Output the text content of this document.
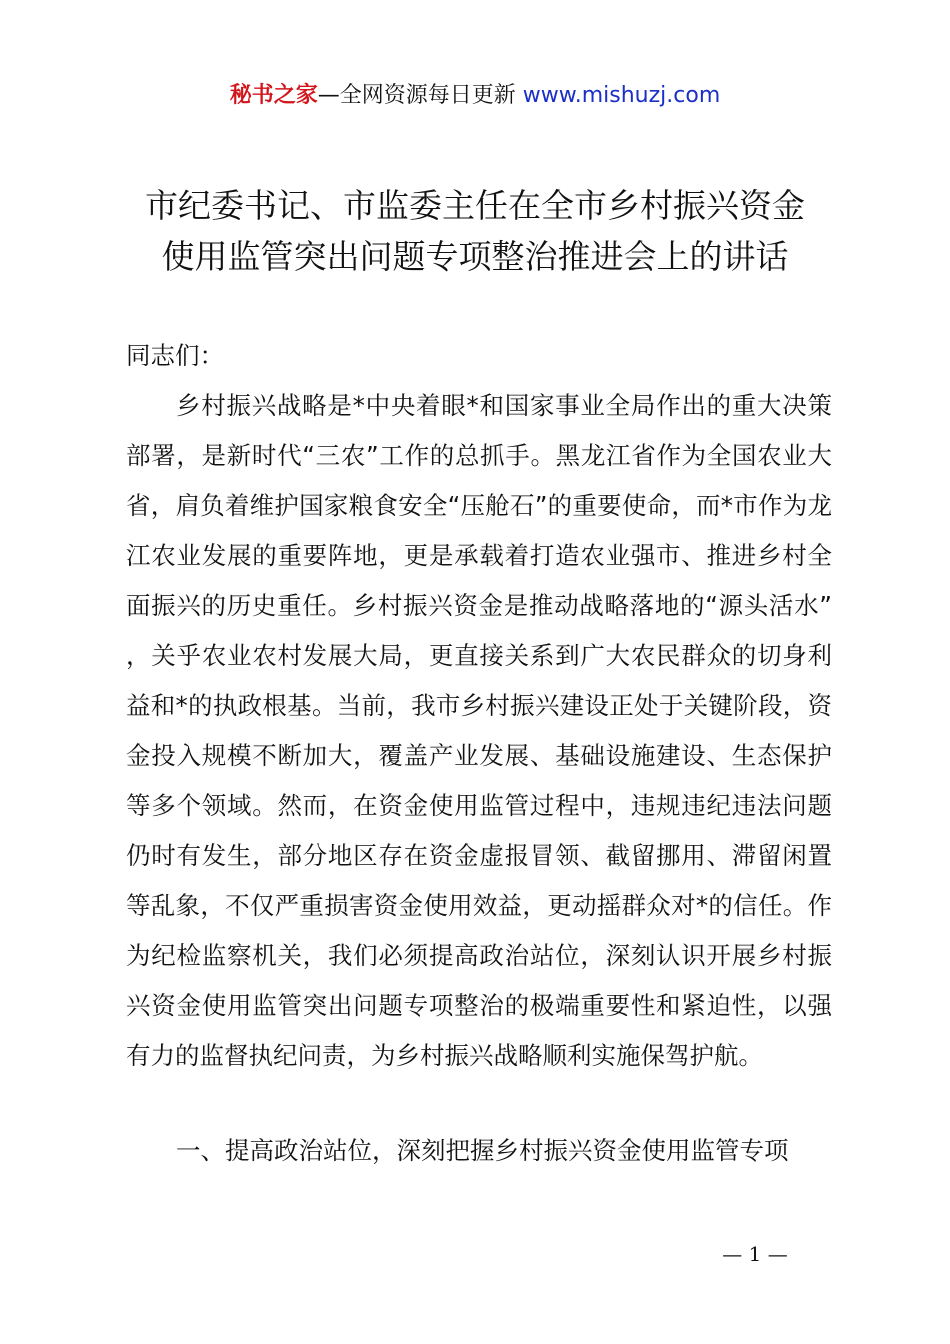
秘书之家—全网资源每日更新 www.mishuzj.com
市纪委书记、市监委主任在全市乡村振兴资金
使用监管突出问题专项整治推进会上的讲话
同志们：
乡村振兴战略是*中央着眼*和国家事业全局作出的重大决策部署，是新时代“三农”工作的总抓手。黑龙江省作为全国农业大省，肩负着维护国家粮食安全“压舱石”的重要使命，而*市作为龙江农业发展的重要阵地，更是承载着打造农业强市、推进乡村全面振兴的历史重任。乡村振兴资金是推动战略落地的“源头活水”，关乎农业农村发展大局，更直接关系到广大农民群众的切身利益和*的执政根基。当前，我市乡村振兴建设正处于关键阶段，资金投入规模不断加大，覆盖产业发展、基础设施建设、生态保护等多个领域。然而，在资金使用监管过程中，违规违纪违法问题仍时有发生，部分地区存在资金虚报冒领、截留挪用、滞留闲置等乱象，不仅严重损害资金使用效益，更动摇群众对*的信任。作为纪检监察机关，我们必须提高政治站位，深刻认识开展乡村振兴资金使用监管突出问题专项整治的极端重要性和紧迫性，以强有力的监督执纪问责，为乡村振兴战略顺利实施保驾护航。
一、提高政治站位，深刻把握乡村振兴资金使用监管专项
— 1 —
